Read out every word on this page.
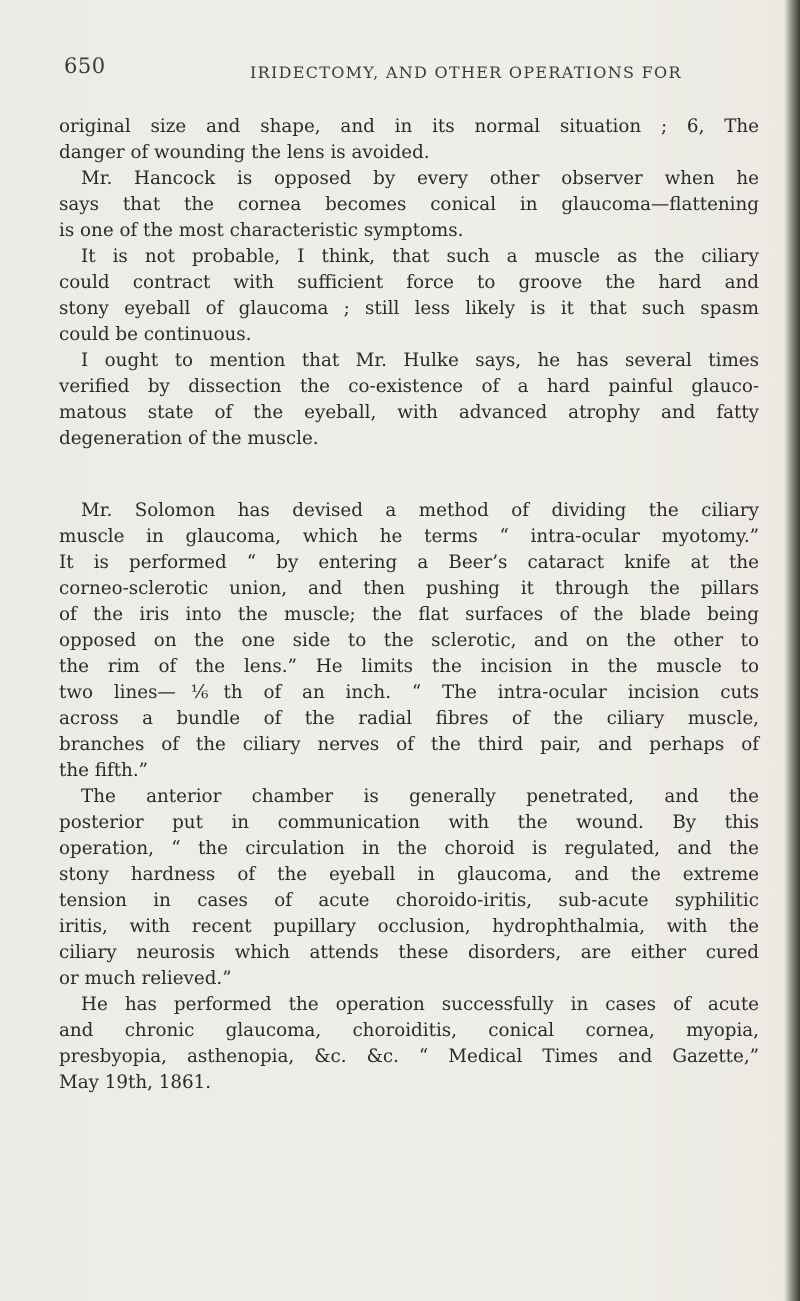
650	IRIDECTOMY, AND OTHER OPERATIONS FOR
original size and shape, and in its normal situation ; 6, The
danger of wounding the lens is avoided.
Mr. Hancock is opposed by every other observer when he
says that the cornea becomes conical in glaucoma—flattening
is one of the most characteristic symptoms.
It is not probable, I think, that such a muscle as the ciliary
could contract with sufficient force to groove the hard and
stony eyeball of glaucoma ; still less likely is it that such spasm
could be continuous.
I ought to mention that Mr. Hulke says, he has several times
verified by dissection the co-existence of a hard painful glauco-
matous state of the eyeball, with advanced atrophy and fatty
degeneration of the muscle.
Mr. Solomon has devised a method of dividing the ciliary
muscle in glaucoma, which he terms “ intra-ocular myotomy.”
It is performed “ by entering a Beer’s cataract knife at the
corneo-sclerotic union, and then pushing it through the pillars
of the iris into the muscle; the flat surfaces of the blade being
opposed on the one side to the sclerotic, and on the other to
the rim of the lens.” He limits the incision in the muscle to
two lines—⅙th of an inch. “ The intra-ocular incision cuts
across a bundle of the radial fibres of the ciliary muscle,
branches of the ciliary nerves of the third pair, and perhaps of
the fifth.”
The anterior chamber is generally penetrated, and the
posterior put in communication with the wound. By this
operation, “ the circulation in the choroid is regulated, and the
stony hardness of the eyeball in glaucoma, and the extreme
tension in cases of acute choroido-iritis, sub-acute syphilitic
iritis, with recent pupillary occlusion, hydrophthalmia, with the
ciliary neurosis which attends these disorders, are either cured
or much relieved.”
He has performed the operation successfully in cases of acute
and chronic glaucoma, choroiditis, conical cornea, myopia,
presbyopia, asthenopia, &c. &c. “ Medical Times and Gazette,”
May 19th, 1861.
